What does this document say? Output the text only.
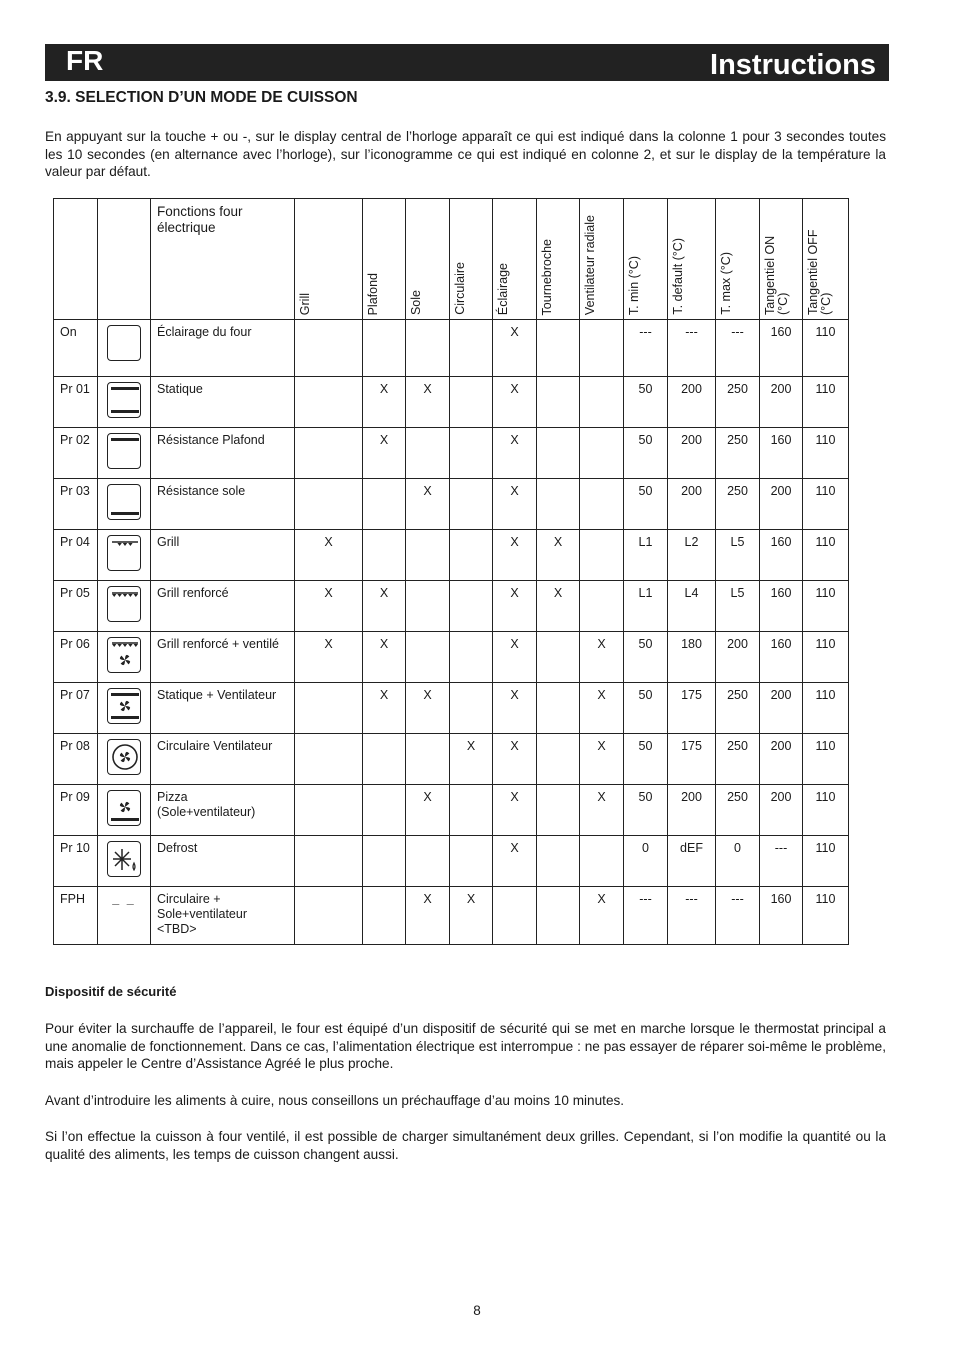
FR	Instructions
3.9. SELECTION D’UN MODE DE CUISSON
En appuyant sur la touche + ou -, sur le display central de l’horloge apparaît ce qui est indiqué dans la colonne 1 pour 3 secondes toutes les 10 secondes (en alternance avec l’horloge), sur l’iconogramme ce qui est indiqué en colonne 2, et sur le display de la température la valeur par défaut.
		Fonctions four électrique	Grill	Plafond	Sole	Circulaire	Éclairage	Tournebroche	Ventilateur radiale	T. min (°C)	T. default (°C)	T. max (°C)	Tangentiel ON (°C)	Tangentiel OFF (°C)

On		Éclairage du four					X			---	---	---	160	110
Pr 01		Statique		X	X		X			50	200	250	200	110
Pr 02		Résistance Plafond		X			X			50	200	250	160	110
Pr 03		Résistance sole			X		X			50	200	250	200	110
Pr 04		Grill	X				X	X		L1	L2	L5	160	110
Pr 05		Grill renforcé	X	X			X	X		L1	L4	L5	160	110
Pr 06		Grill renforcé + ventilé	X	X			X		X	50	180	200	160	110
Pr 07		Statique + Ventilateur		X	X		X		X	50	175	250	200	110
Pr 08		Circulaire Ventilateur				X	X		X	50	175	250	200	110
Pr 09		Pizza
(Sole+ventilateur)			X		X		X	50	200	250	200	110
Pr 10		Defrost					X			0	dEF	0	---	110
FPH	_ _	Circulaire +
Sole+ventilateur
<TBD>			X	X			X	---	---	---	160	110
Dispositif de sécurité
Pour éviter la surchauffe de l’appareil, le four est équipé d’un dispositif de sécurité qui se met en marche lorsque le thermostat principal a une anomalie de fonctionnement. Dans ce cas, l’alimentation électrique est interrompue : ne pas essayer de réparer soi-même le problème, mais appeler le Centre d’Assistance Agréé le plus proche.
Avant d’introduire les aliments à cuire, nous conseillons un préchauffage d’au moins 10 minutes.
Si l’on effectue la cuisson à four ventilé, il est possible de charger simultanément deux grilles. Cependant, si l’on modifie la quantité ou la qualité des aliments, les temps de cuisson changent aussi.
8
